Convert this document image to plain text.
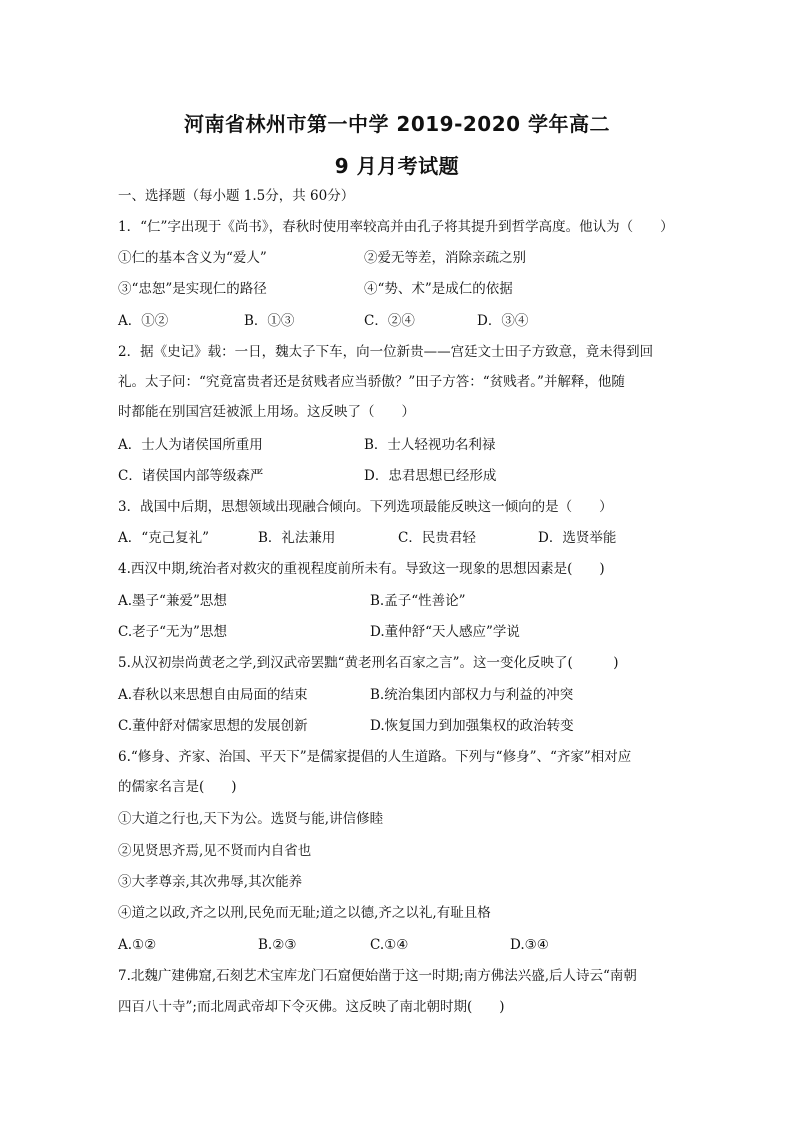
河南省林州市第一中学 2019-2020 学年高二
9 月月考试题
一、选择题（每小题 1.5分，共 60分）
1．“仁”字出现于《尚书》，春秋时使用率较高并由孔子将其提升到哲学高度。他认为（　　）
①仁的基本含义为“爱人”	②爱无等差，消除亲疏之别
③“忠恕”是实现仁的路径	④“势、术”是成仁的依据
A．①②	B．①③	C．②④	D．③④
2．据《史记》载：一日，魏太子下车，向一位新贵——宫廷文士田子方致意，竟未得到回
礼。太子问：“究竟富贵者还是贫贱者应当骄傲？”田子方答：“贫贱者。”并解释，他随
时都能在别国宫廷被派上用场。这反映了（　　）
A．士人为诸侯国所重用	B．士人轻视功名利禄
C．诸侯国内部等级森严	D．忠君思想已经形成
3．战国中后期，思想领域出现融合倾向。下列选项最能反映这一倾向的是（　　）
A．“克己复礼”	B．礼法兼用	C．民贵君轻	D．选贤举能
4.西汉中期,统治者对救灾的重视程度前所未有。导致这一现象的思想因素是(　　)
A.墨子“兼爱”思想	B.孟子“性善论”
C.老子“无为”思想	D.董仲舒“天人感应”学说
5.从汉初崇尚黄老之学,到汉武帝罢黜“黄老刑名百家之言”。这一变化反映了(　　　)
A.春秋以来思想自由局面的结束	B.统治集团内部权力与利益的冲突
C.董仲舒对儒家思想的发展创新	D.恢复国力到加强集权的政治转变
6.“修身、齐家、治国、平天下”是儒家提倡的人生道路。下列与“修身”、“齐家”相对应
的儒家名言是(　　)
①大道之行也,天下为公。选贤与能,讲信修睦
②见贤思齐焉,见不贤而内自省也
③大孝尊亲,其次弗辱,其次能养
④道之以政,齐之以刑,民免而无耻;道之以德,齐之以礼,有耻且格
A.①②	B.②③	C.①④	D.③④
7.北魏广建佛窟,石刻艺术宝库龙门石窟便始凿于这一时期;南方佛法兴盛,后人诗云“南朝
四百八十寺”;而北周武帝却下令灭佛。这反映了南北朝时期(　　)
